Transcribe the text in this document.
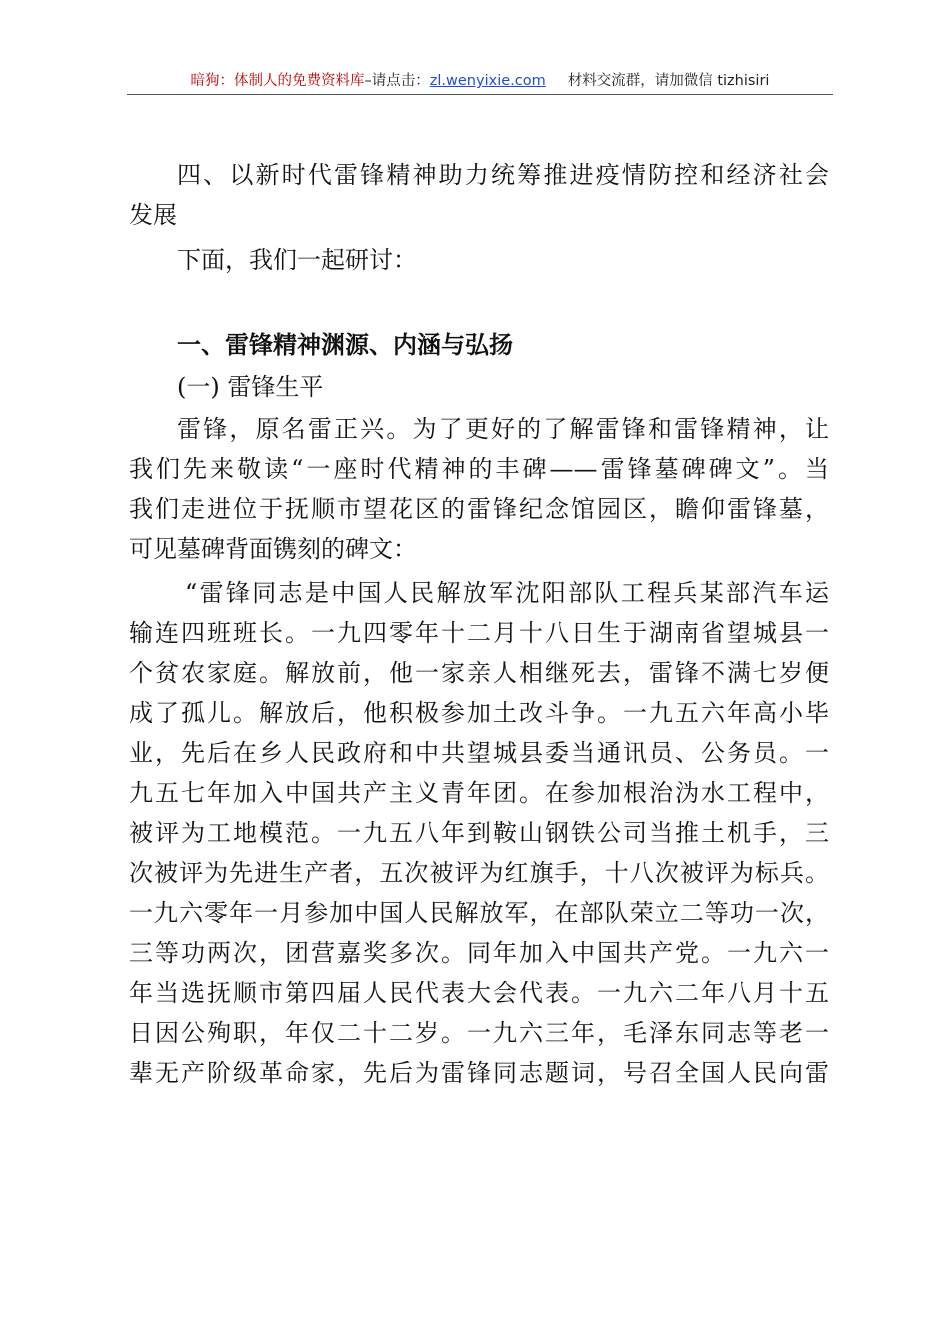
暗狗：体制人的免费资料库–请点击：zl.wenyixie.com 材料交流群，请加微信 tizhisiri
四、以新时代雷锋精神助力统筹推进疫情防控和经济社会
发展
下面，我们一起研讨：
一、雷锋精神渊源、内涵与弘扬
(一) 雷锋生平
雷锋，原名雷正兴。为了更好的了解雷锋和雷锋精神，让
我们先来敬读“一座时代精神的丰碑——雷锋墓碑碑文”。当
我们走进位于抚顺市望花区的雷锋纪念馆园区，瞻仰雷锋墓，
可见墓碑背面镌刻的碑文：
“雷锋同志是中国人民解放军沈阳部队工程兵某部汽车运
输连四班班长。一九四零年十二月十八日生于湖南省望城县一
个贫农家庭。解放前，他一家亲人相继死去，雷锋不满七岁便
成了孤儿。解放后，他积极参加土改斗争。一九五六年高小毕
业，先后在乡人民政府和中共望城县委当通讯员、公务员。一
九五七年加入中国共产主义青年团。在参加根治沩水工程中，
被评为工地模范。一九五八年到鞍山钢铁公司当推土机手，三
次被评为先进生产者，五次被评为红旗手，十八次被评为标兵。
一九六零年一月参加中国人民解放军，在部队荣立二等功一次，
三等功两次，团营嘉奖多次。同年加入中国共产党。一九六一
年当选抚顺市第四届人民代表大会代表。一九六二年八月十五
日因公殉职，年仅二十二岁。一九六三年，毛泽东同志等老一
辈无产阶级革命家，先后为雷锋同志题词，号召全国人民向雷
